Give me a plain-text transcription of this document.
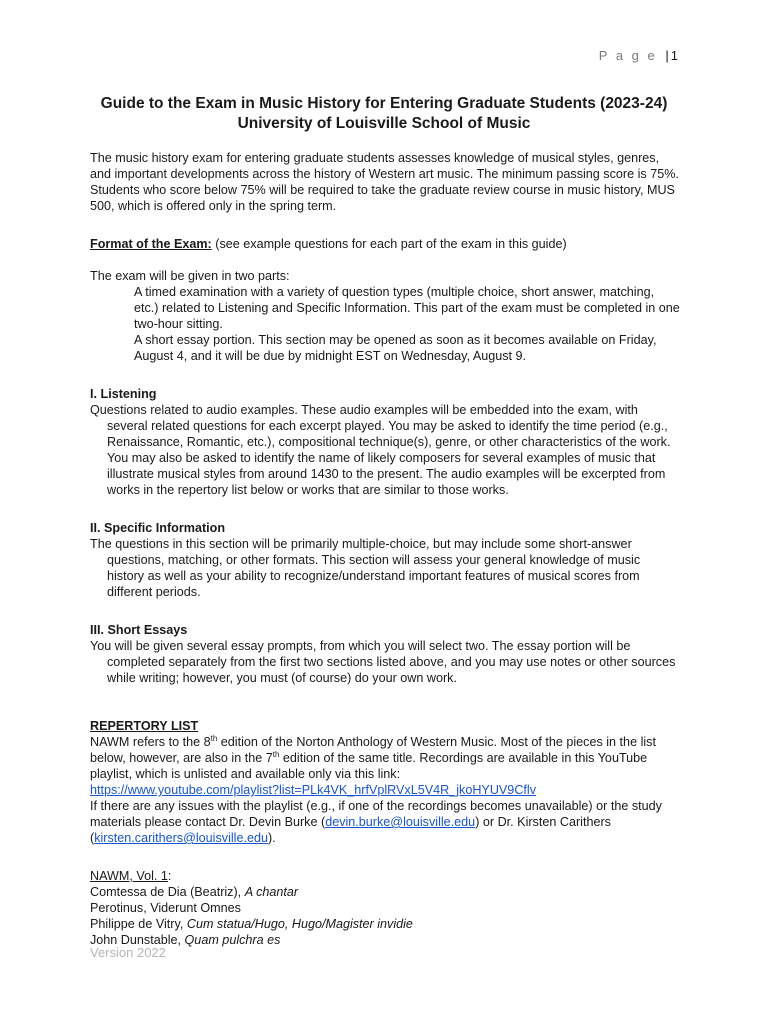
P a g e | 1
Guide to the Exam in Music History for Entering Graduate Students (2023-24)
University of Louisville School of Music

The music history exam for entering graduate students assesses knowledge of musical styles, genres, and important developments across the history of Western art music. The minimum passing score is 75%. Students who score below 75% will be required to take the graduate review course in music history, MUS 500, which is offered only in the spring term.

Format of the Exam: (see example questions for each part of the exam in this guide)

The exam will be given in two parts:

A timed examination with a variety of question types (multiple choice, short answer, matching, etc.) related to Listening and Specific Information. This part of the exam must be completed in one two-hour sitting.

A short essay portion. This section may be opened as soon as it becomes available on Friday, August 4, and it will be due by midnight EST on Wednesday, August 9.

I. Listening

Questions related to audio examples. These audio examples will be embedded into the exam, with several related questions for each excerpt played. You may be asked to identify the time period (e.g., Renaissance, Romantic, etc.), compositional technique(s), genre, or other characteristics of the work. You may also be asked to identify the name of likely composers for several examples of music that illustrate musical styles from around 1430 to the present. The audio examples will be excerpted from works in the repertory list below or works that are similar to those works.

II. Specific Information

The questions in this section will be primarily multiple-choice, but may include some short-answer questions, matching, or other formats. This section will assess your general knowledge of music history as well as your ability to recognize/understand important features of musical scores from different periods.

III. Short Essays

You will be given several essay prompts, from which you will select two. The essay portion will be completed separately from the first two sections listed above, and you may use notes or other sources while writing; however, you must (of course) do your own work.

REPERTORY LIST

NAWM refers to the 8th edition of the Norton Anthology of Western Music. Most of the pieces in the list below, however, are also in the 7th edition of the same title. Recordings are available in this YouTube playlist, which is unlisted and available only via this link:
https://www.youtube.com/playlist?list=PLk4VK_hrfVplRVxL5V4R_jkoHYUV9Cflv

If there are any issues with the playlist (e.g., if one of the recordings becomes unavailable) or the study materials please contact Dr. Devin Burke (devin.burke@louisville.edu) or Dr. Kirsten Carithers (kirsten.carithers@louisville.edu).

NAWM, Vol. 1:

Comtessa de Dia (Beatriz), A chantar

Perotinus, Viderunt Omnes

Philippe de Vitry, Cum statua/Hugo, Hugo/Magister invidie

John Dunstable, Quam pulchra es

Version 2022
